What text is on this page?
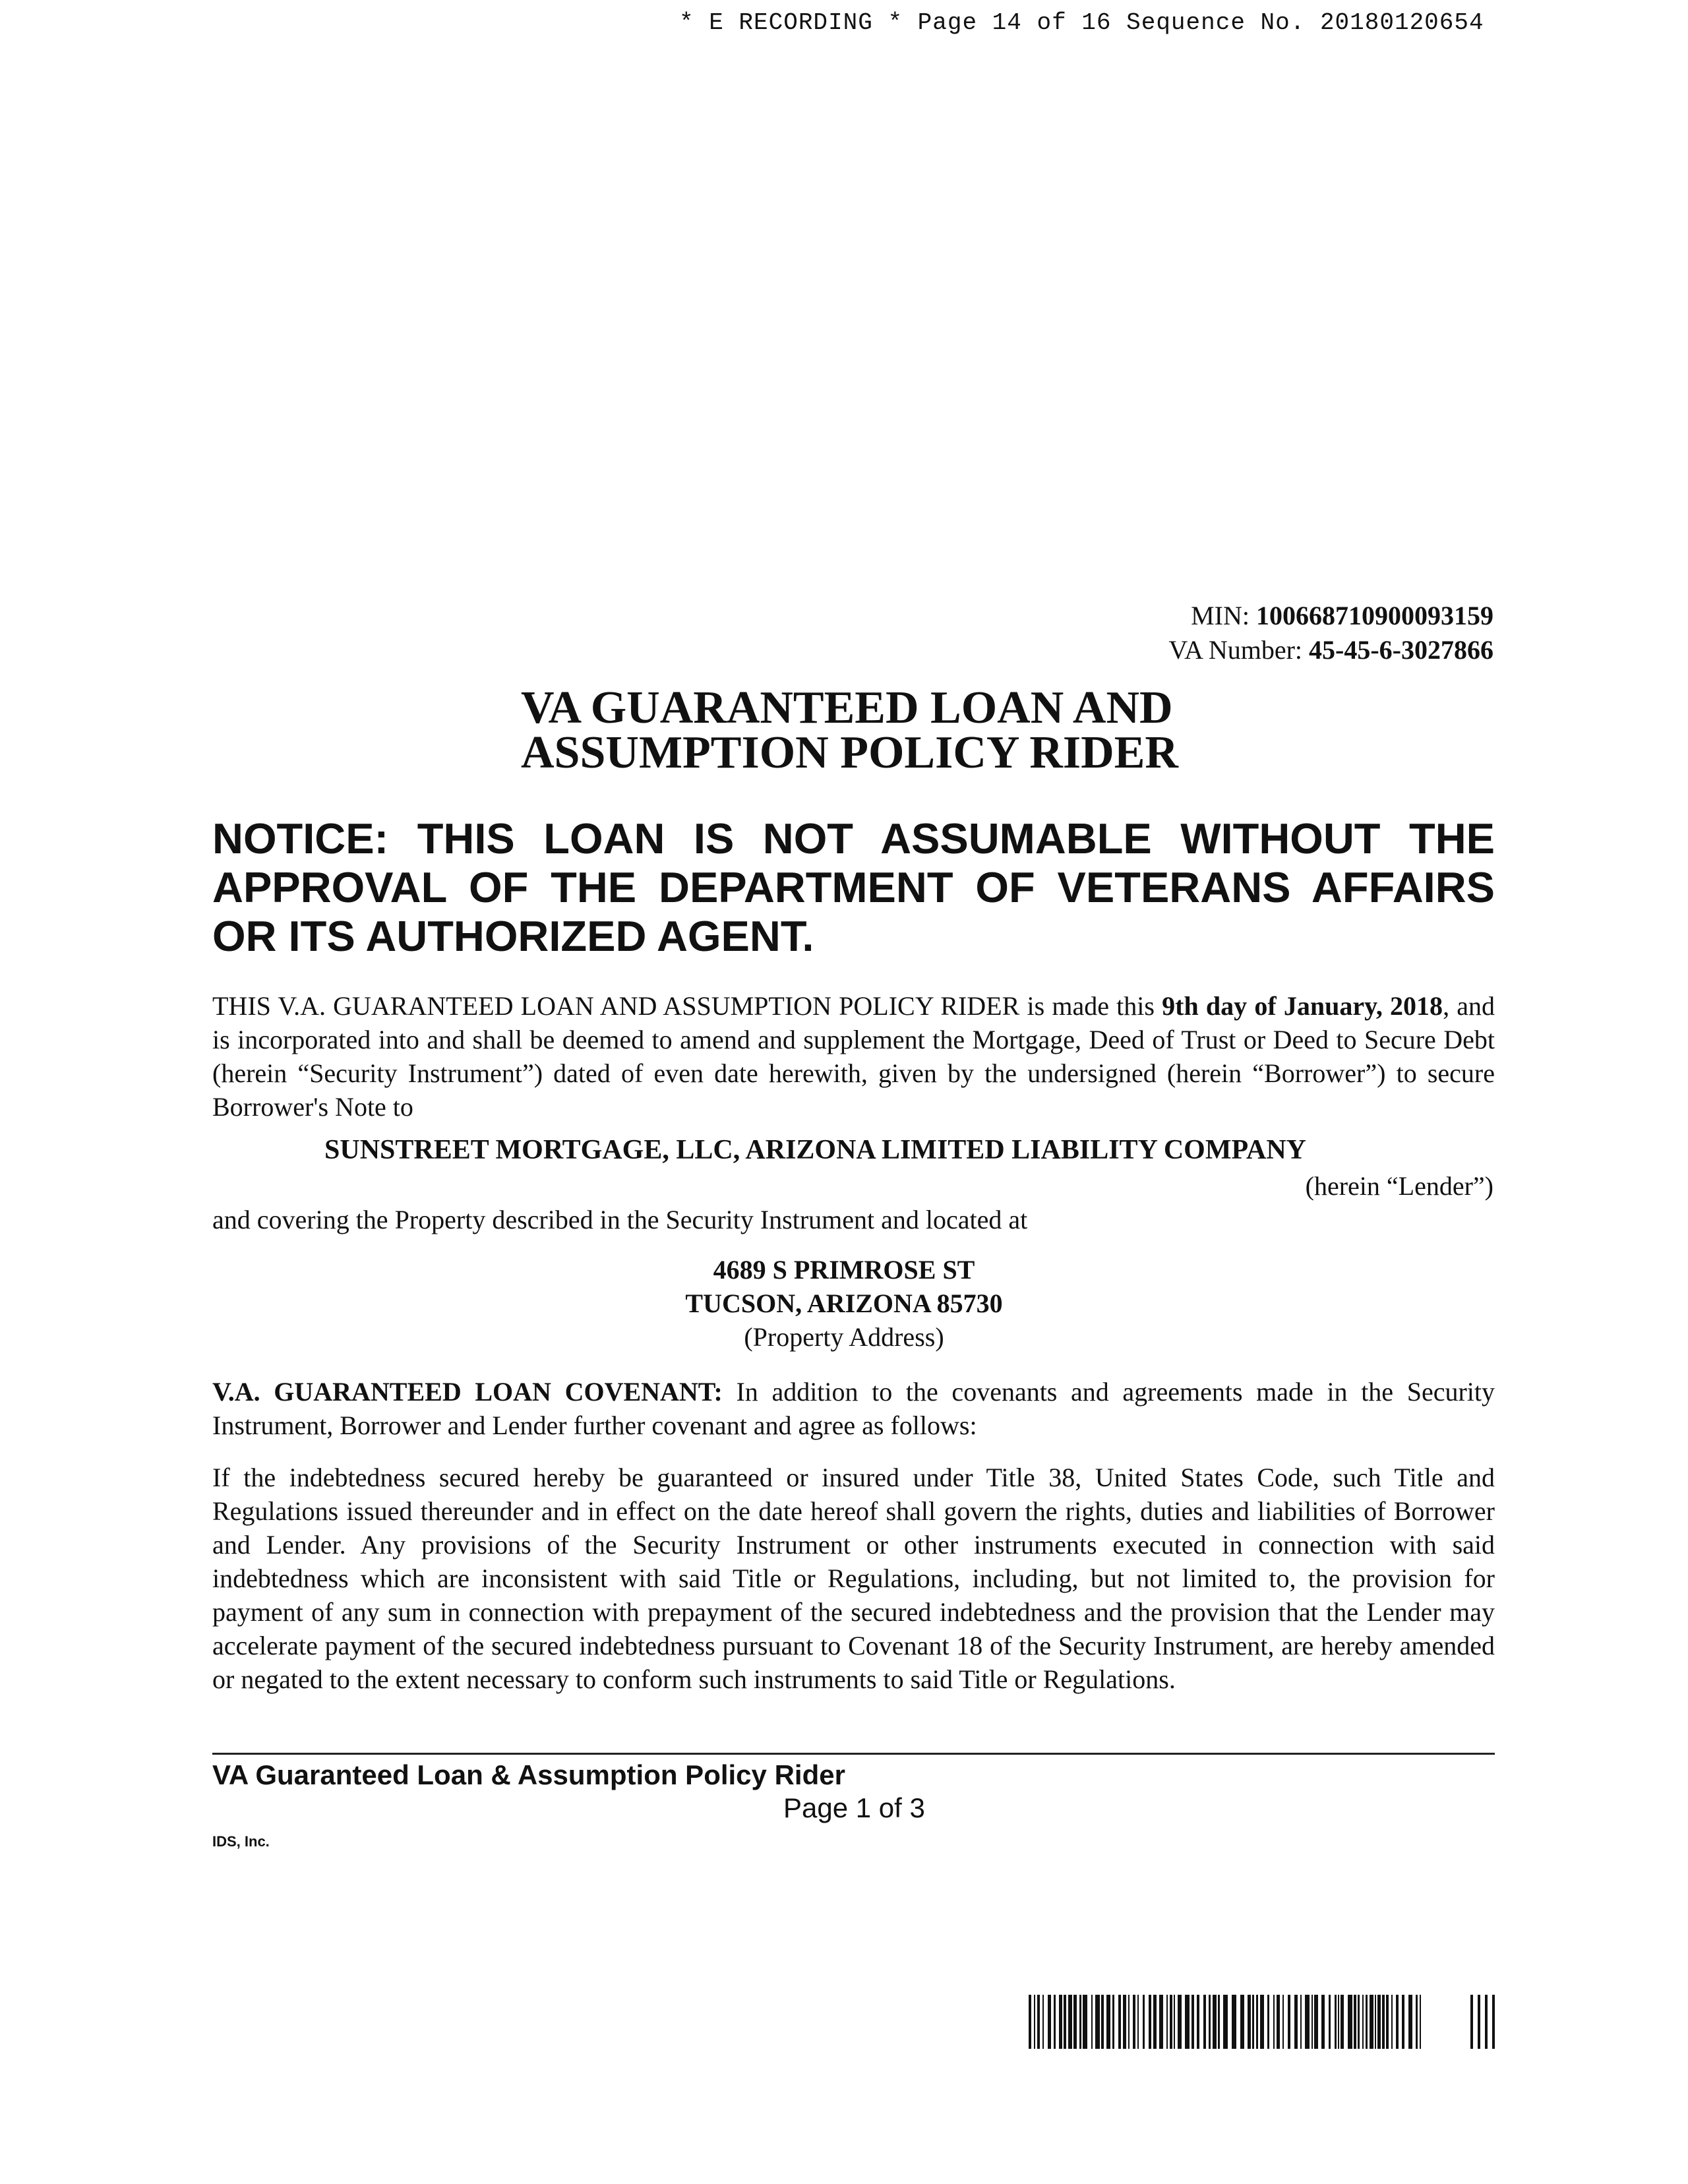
* E RECORDING * Page 14 of 16 Sequence No. 20180120654
MIN: 100668710900093159
VA Number: 45-45-6-3027866
VA GUARANTEED LOAN AND
ASSUMPTION POLICY RIDER
NOTICE: THIS LOAN IS NOT ASSUMABLE WITHOUT THE APPROVAL OF THE DEPARTMENT OF VETERANS AFFAIRS OR ITS AUTHORIZED AGENT.
THIS V.A. GUARANTEED LOAN AND ASSUMPTION POLICY RIDER is made this 9th day of January, 2018, and is incorporated into and shall be deemed to amend and supplement the Mortgage, Deed of Trust or Deed to Secure Debt (herein “Security Instrument”) dated of even date herewith, given by the undersigned (herein “Borrower”) to secure Borrower's Note to
SUNSTREET MORTGAGE, LLC, ARIZONA LIMITED LIABILITY COMPANY
(herein “Lender”)
and covering the Property described in the Security Instrument and located at
4689 S PRIMROSE ST
TUCSON, ARIZONA 85730
(Property Address)
V.A. GUARANTEED LOAN COVENANT: In addition to the covenants and agreements made in the Security Instrument, Borrower and Lender further covenant and agree as follows:
If the indebtedness secured hereby be guaranteed or insured under Title 38, United States Code, such Title and Regulations issued thereunder and in effect on the date hereof shall govern the rights, duties and liabilities of Borrower and Lender. Any provisions of the Security Instrument or other instruments executed in connection with said indebtedness which are inconsistent with said Title or Regulations, including, but not limited to, the provision for payment of any sum in connection with prepayment of the secured indebtedness and the provision that the Lender may accelerate payment of the secured indebtedness pursuant to Covenant 18 of the Security Instrument, are hereby amended or negated to the extent necessary to conform such instruments to said Title or Regulations.
VA Guaranteed Loan & Assumption Policy Rider
Page 1 of 3
IDS, Inc.
